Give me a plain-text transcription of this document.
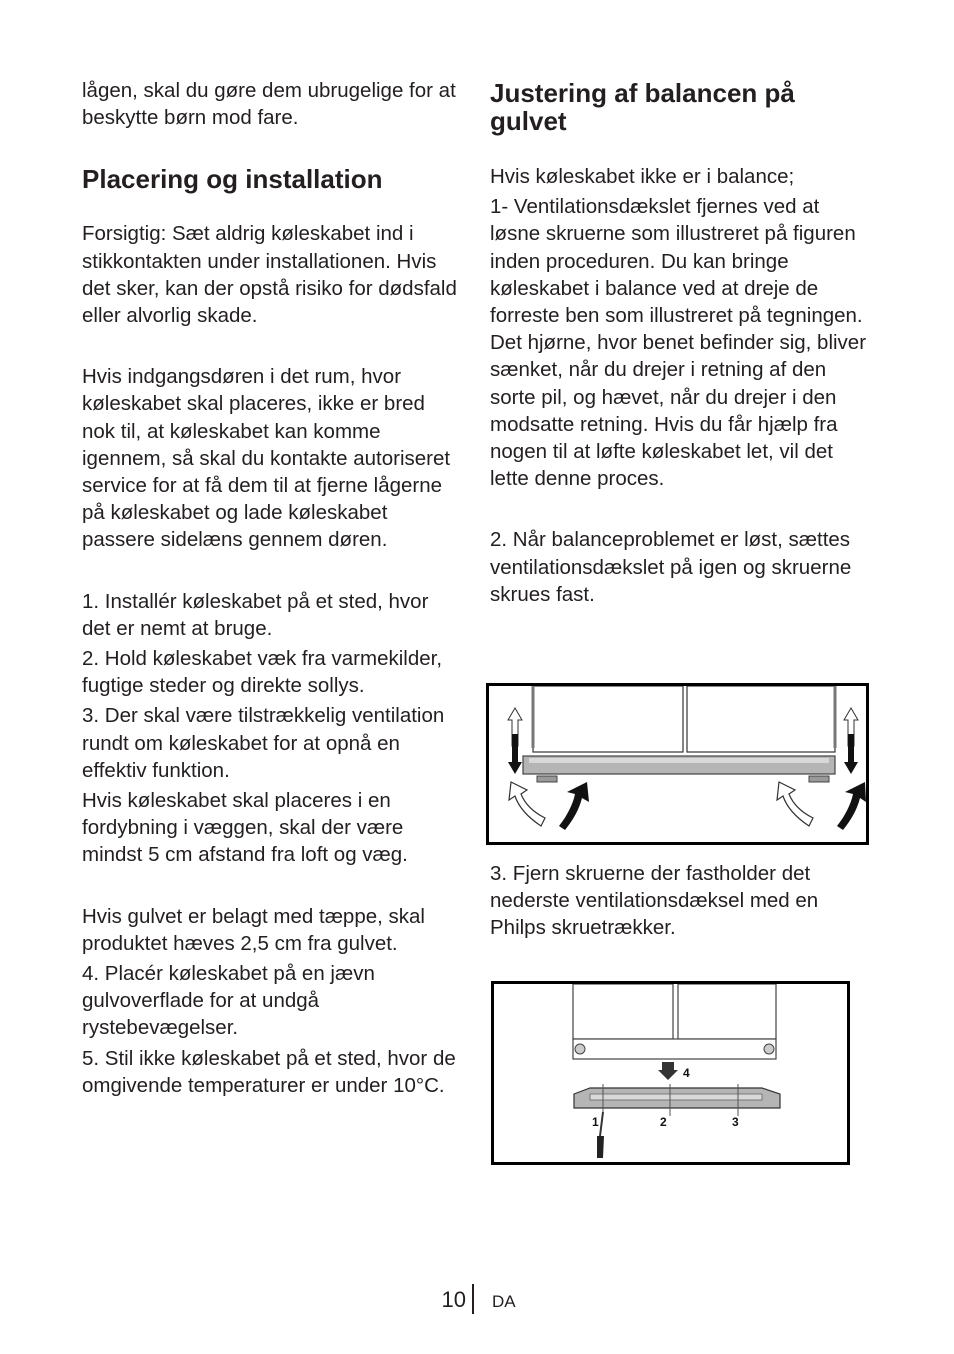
lågen, skal du gøre dem ubrugelige for at beskytte børn mod fare.

Placering og installation

Forsigtig: Sæt aldrig køleskabet ind i stikkontakten under installationen. Hvis det sker, kan der opstå risiko for dødsfald eller alvorlig skade.

Hvis indgangsdøren i det rum, hvor køleskabet skal placeres, ikke er bred nok til, at køleskabet kan komme igennem, så skal du kontakte autoriseret service for at få dem til at fjerne lågerne på køleskabet og lade køleskabet passere sidelæns gennem døren.

1. Installér køleskabet på et sted, hvor det er nemt at bruge.

2. Hold køleskabet væk fra varmekilder, fugtige steder og direkte sollys.

3. Der skal være tilstrækkelig ventilation rundt om køleskabet for at opnå en effektiv funktion.

Hvis køleskabet skal placeres i en fordybning i væggen, skal der være mindst 5 cm afstand fra loft og væg.

Hvis gulvet er belagt med tæppe, skal produktet hæves 2,5 cm fra gulvet.

4. Placér køleskabet på en jævn gulvoverflade for at undgå rystebevægelser.

5. Stil ikke køleskabet på et sted, hvor de omgivende temperaturer er under 10°C.

Justering af balancen på gulvet

Hvis køleskabet ikke er i balance;

1- Ventilationsdækslet fjernes ved at løsne skruerne som illustreret på figuren inden proceduren. Du kan bringe køleskabet i balance ved at dreje de forreste ben som illustreret på tegningen. Det hjørne, hvor benet befinder sig, bliver sænket, når du drejer i retning af den sorte pil, og hævet, når du drejer i den modsatte retning. Hvis du får hjælp fra nogen til at løfte køleskabet let, vil det lette denne proces.

2. Når balanceproblemet er løst, sættes ventilationsdækslet på igen og skruerne skrues fast.

3. Fjern skruerne der fastholder det nederste ventilationsdæksel med en Philps skruetrækker.

4
1	2	3
10 DA
